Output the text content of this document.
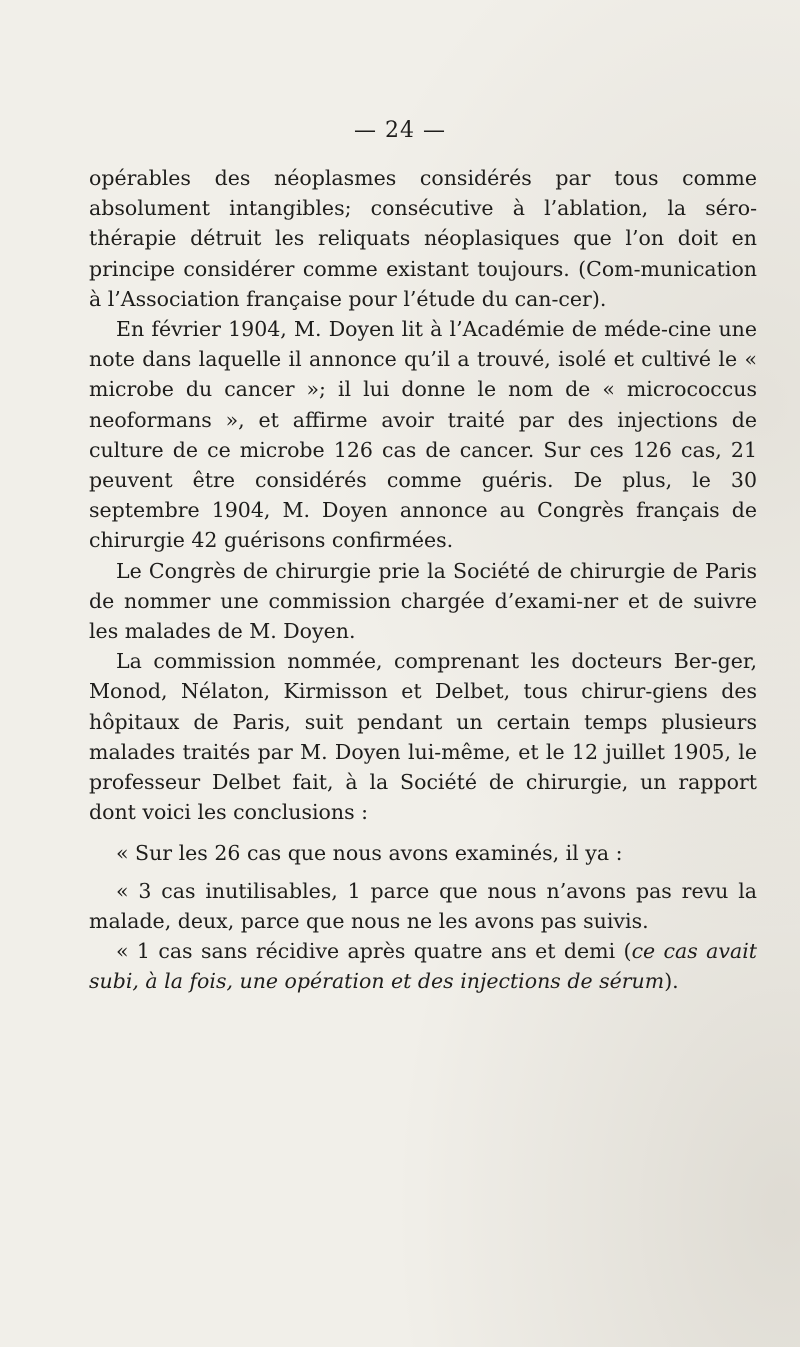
— 24 —

opérables des néoplasmes considérés par tous comme absolument intangibles; consécutive à l’ablation, la séro-thérapie détruit les reliquats néoplasiques que l’on doit en principe considérer comme existant toujours. (Com-munication à l’Association française pour l’étude du can-cer).

En février 1904, M. Doyen lit à l’Académie de méde-cine une note dans laquelle il annonce qu’il a trouvé, isolé et cultivé le « microbe du cancer »; il lui donne le nom de « micrococcus neoformans », et affirme avoir traité par des injections de culture de ce microbe 126 cas de cancer. Sur ces 126 cas, 21 peuvent être considérés comme guéris. De plus, le 30 septembre 1904, M. Doyen annonce au Congrès français de chirurgie 42 guérisons confirmées.

Le Congrès de chirurgie prie la Société de chirurgie de Paris de nommer une commission chargée d’exami-ner et de suivre les malades de M. Doyen.

La commission nommée, comprenant les docteurs Ber-ger, Monod, Nélaton, Kirmisson et Delbet, tous chirur-giens des hôpitaux de Paris, suit pendant un certain temps plusieurs malades traités par M. Doyen lui-même, et le 12 juillet 1905, le professeur Delbet fait, à la Société de chirurgie, un rapport dont voici les conclusions :

« Sur les 26 cas que nous avons examinés, il ya :

« 3 cas inutilisables, 1 parce que nous n’avons pas revu la malade, deux, parce que nous ne les avons pas suivis.

« 1 cas sans récidive après quatre ans et demi (ce cas avait subi, à la fois, une opération et des injections de sérum).
